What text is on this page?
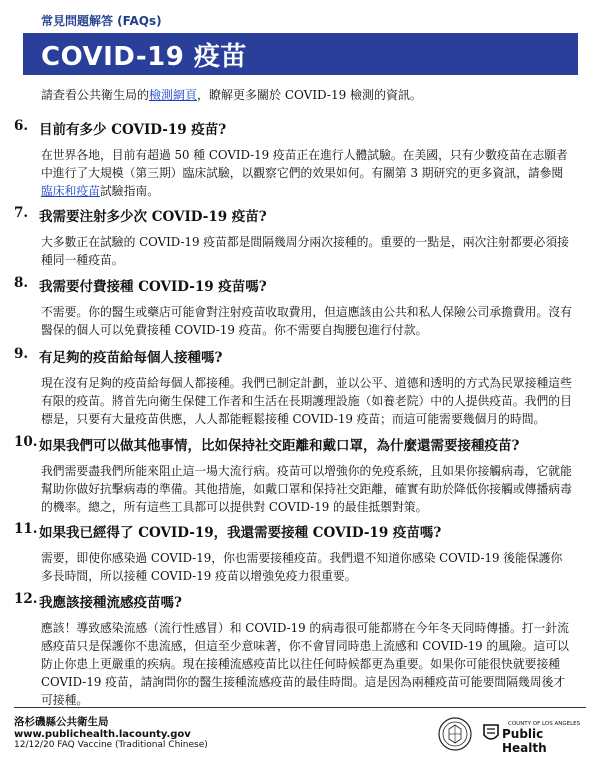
常見問題解答 (FAQs)
COVID-19 疫苗
請查看公共衛生局的檢測網頁，瞭解更多關於 COVID-19 檢測的資訊。
6. 目前有多少 COVID-19 疫苗?
在世界各地，目前有超過 50 種 COVID-19 疫苗正在進行人體試驗。在美國，只有少數疫苗在志願者中進行了大規模（第三期）臨床試驗，以觀察它們的效果如何。有關第 3 期研究的更多資訊，請參閱臨床和疫苗試驗指南。
7. 我需要注射多少次 COVID-19 疫苗?
大多數正在試驗的 COVID-19 疫苗都是間隔幾周分兩次接種的。重要的一點是，兩次注射都要必須接種同一種疫苗。
8. 我需要付費接種 COVID-19 疫苗嗎?
不需要。你的醫生或藥店可能會對注射疫苗收取費用，但這應該由公共和私人保險公司承擔費用。沒有醫保的個人可以免費接種 COVID-19 疫苗。你不需要自掏腰包進行付款。
9. 有足夠的疫苗給每個人接種嗎?
現在沒有足夠的疫苗給每個人都接種。我們已制定計劃，並以公平、道德和透明的方式為民眾接種這些有限的疫苗。將首先向衛生保健工作者和生活在長期護理設施（如養老院）中的人提供疫苗。我們的目標是，只要有大量疫苗供應，人人都能輕鬆接種 COVID-19 疫苗；而這可能需要幾個月的時間。
10. 如果我們可以做其他事情，比如保持社交距離和戴口罩，為什麼還需要接種疫苗?
我們需要盡我們所能來阻止這一場大流行病。疫苗可以增強你的免疫系統，且如果你接觸病毒，它就能幫助你做好抗擊病毒的準備。其他措施，如戴口罩和保持社交距離，確實有助於降低你接觸或傳播病毒的機率。總之，所有這些工具都可以提供對 COVID-19 的最佳抵禦對策。
11. 如果我已經得了 COVID-19，我還需要接種 COVID-19 疫苗嗎?
需要，即使你感染過 COVID-19，你也需要接種疫苗。我們還不知道你感染 COVID-19 後能保護你多長時間，所以接種 COVID-19 疫苗以增強免疫力很重要。
12. 我應該接種流感疫苗嗎?
應該！導致感染流感（流行性感冒）和 COVID-19 的病毒很可能都將在今年冬天同時傳播。打一針流感疫苗只是保護你不患流感，但這至少意味著，你不會冒同時患上流感和 COVID-19 的風險。這可以防止你患上更嚴重的疾病。現在接種流感疫苗比以往任何時候都更為重要。如果你可能很快就要接種 COVID-19 疫苗，請詢問你的醫生接種流感疫苗的最佳時間。這是因為兩種疫苗可能要間隔幾周後才可接種。
洛杉磯縣公共衛生局
www.publichealth.lacounty.gov
12/12/20 FAQ Vaccine (Traditional Chinese)
COUNTY OF LOS ANGELES
Public Health
